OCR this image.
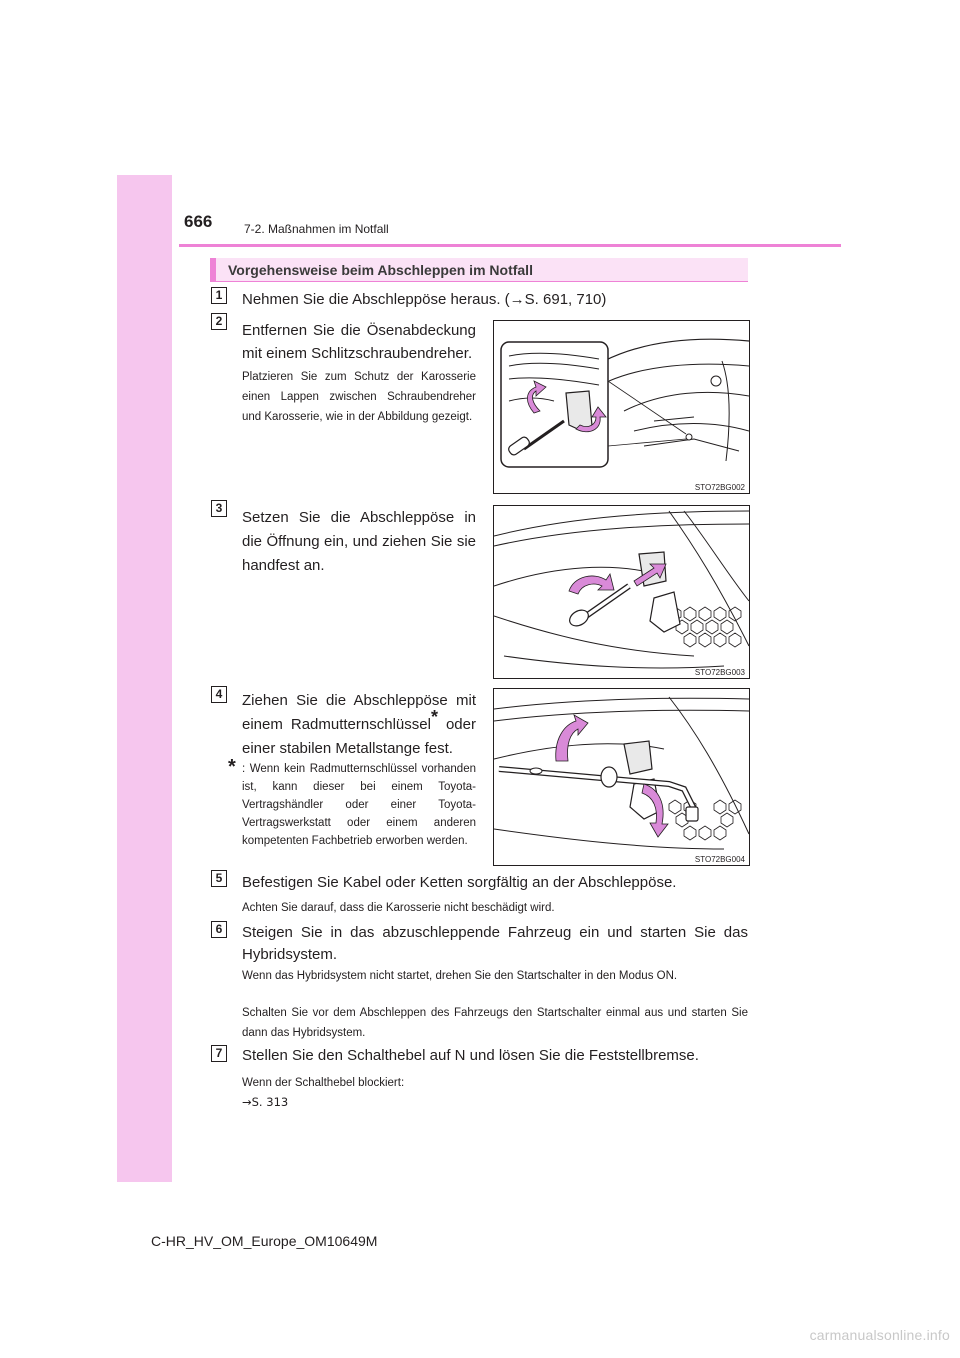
666	7-2. Maßnahmen im Notfall
Vorgehensweise beim Abschleppen im Notfall
1	Nehmen Sie die Abschleppöse heraus. (→S. 691, 710)
2
Entfernen Sie die Ösenabdeckung mit einem Schlitzschraubendreher.
Platzieren Sie zum Schutz der Karosserie einen Lappen zwischen Schraubendreher und Karosserie, wie in der Abbildung gezeigt.
STO72BG002
3
Setzen Sie die Abschleppöse in die Öffnung ein, und ziehen Sie sie handfest an.
STO72BG003
4	Ziehen Sie die Abschleppöse mit einem Radmutternschlüssel* oder einer stabilen Metallstange fest.
* : Wenn kein Radmutternschlüssel vorhanden ist, kann dieser bei einem Toyota-Vertragshändler oder einer Toyota-Vertragswerkstatt oder einem anderen kompetenten Fachbetrieb erworben werden.
STO72BG004
5	Befestigen Sie Kabel oder Ketten sorgfältig an der Abschleppöse.
Achten Sie darauf, dass die Karosserie nicht beschädigt wird.
6	Steigen Sie in das abzuschleppende Fahrzeug ein und starten Sie das Hybridsystem.
Wenn das Hybridsystem nicht startet, drehen Sie den Startschalter in den Modus ON.
Schalten Sie vor dem Abschleppen des Fahrzeugs den Startschalter einmal aus und starten Sie dann das Hybridsystem.
7	Stellen Sie den Schalthebel auf N und lösen Sie die Feststellbremse.
Wenn der Schalthebel blockiert:
→S. 313
C-HR_HV_OM_Europe_OM10649M
carmanualsonline.info
